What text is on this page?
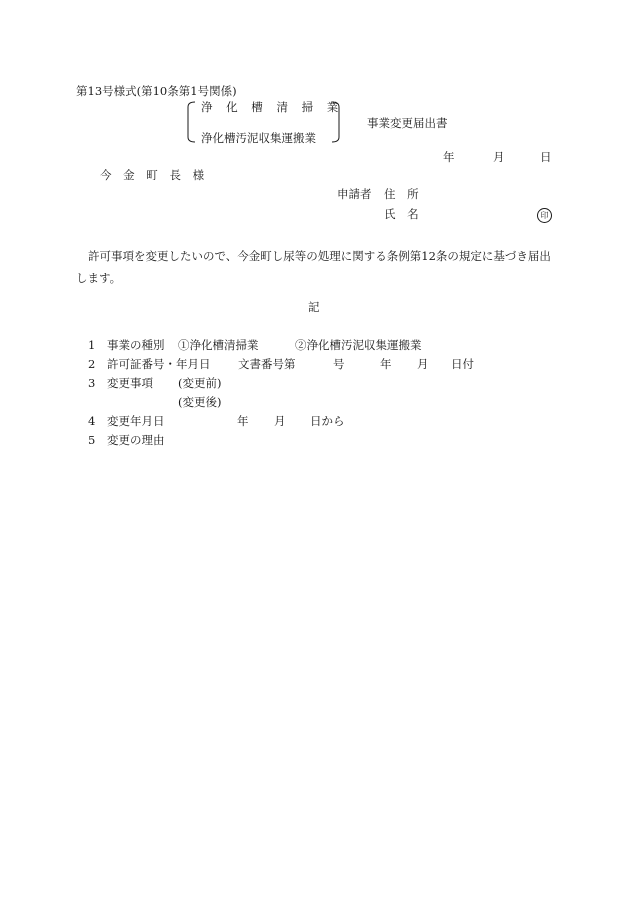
第13号様式(第10条第1号関係)
浄 化 槽 清 掃 業
浄化槽汚泥収集運搬業
事業変更届出書
年	月	日
今 金 町 長 様
申請者 住 所
氏 名	印
許可事項を変更したいので、今金町し尿等の処理に関する条例第12条の規定に基づき届出します。
記
1 事業の種別 ①浄化槽清掃業	②浄化槽汚泥収集運搬業
2 許可証番号・年月日 文書番号第	号	年 月 日付
3 変更事項 (変更前)
(変更後)
4 変更年月日	年 月 日から
5 変更の理由
